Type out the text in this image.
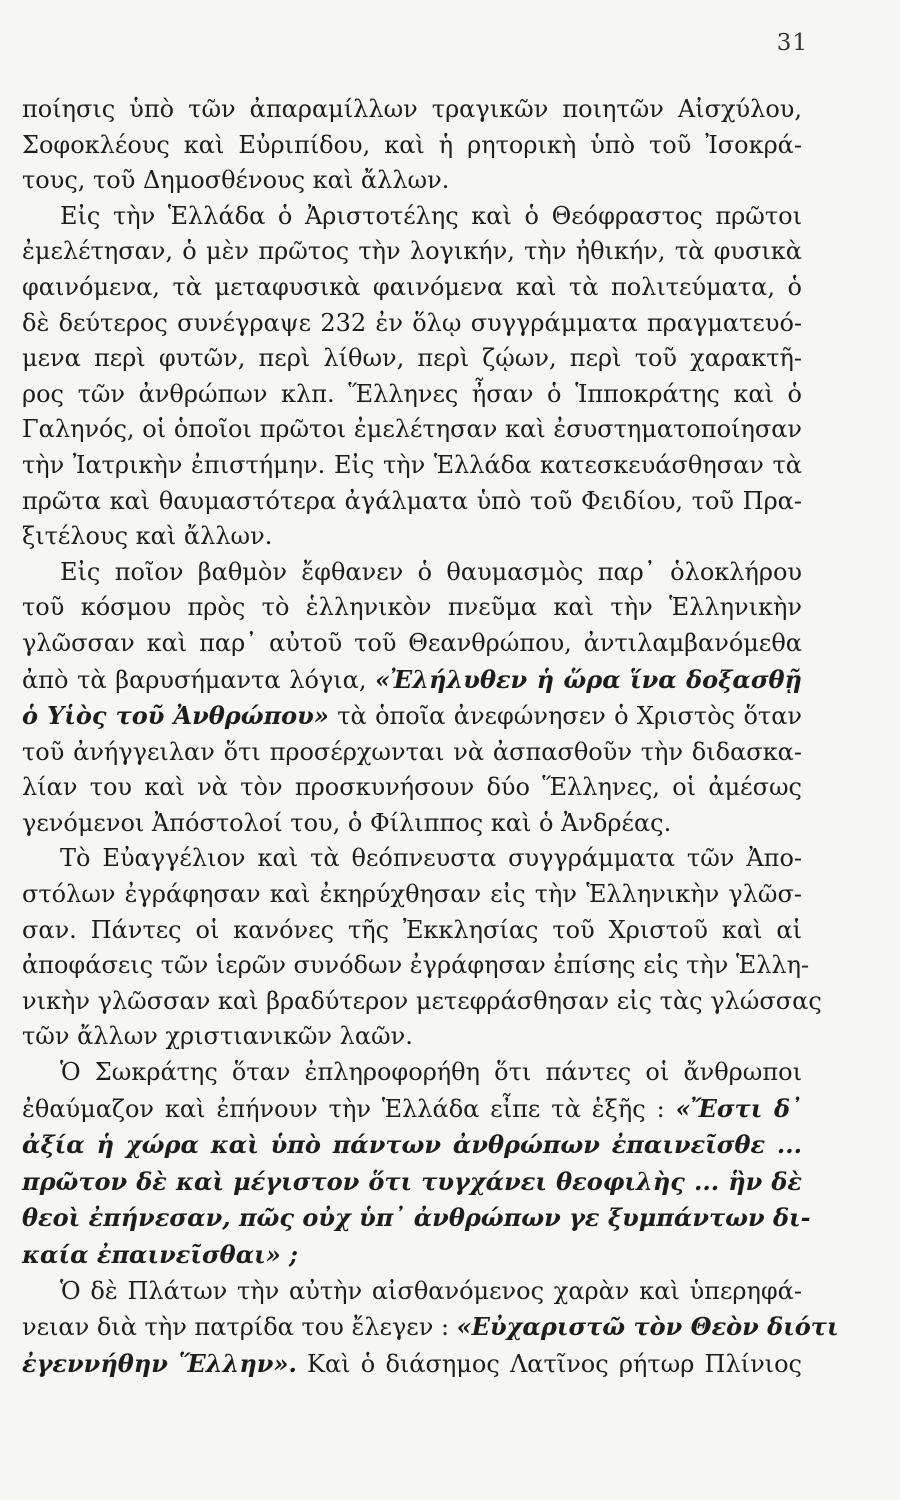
31
ποίησις ὑπὸ τῶν ἀπαραμίλλων τραγικῶν ποιητῶν Αἰσχύλου,
Σοφοκλέους καὶ Εὐριπίδου, καὶ ἡ ρητορικὴ ὑπὸ τοῦ Ἰσοκρά-
τους, τοῦ Δημοσθένους καὶ ἄλλων.
Εἰς τὴν Ἑλλάδα ὁ Ἀριστοτέλης καὶ ὁ Θεόφραστος πρῶτοι
ἐμελέτησαν, ὁ μὲν πρῶτος τὴν λογικήν, τὴν ἠθικήν, τὰ φυσικὰ
φαινόμενα, τὰ μεταφυσικὰ φαινόμενα καὶ τὰ πολιτεύματα, ὁ
δὲ δεύτερος συνέγραψε 232 ἐν ὅλῳ συγγράμματα πραγματευό-
μενα περὶ φυτῶν, περὶ λίθων, περὶ ζῴων, περὶ τοῦ χαρακτῆ-
ρος τῶν ἀνθρώπων κλπ. Ἕλληνες ἦσαν ὁ Ἱπποκράτης καὶ ὁ
Γαληνός, οἱ ὁποῖοι πρῶτοι ἐμελέτησαν καὶ ἐσυστηματοποίησαν
τὴν Ἰατρικὴν ἐπιστήμην. Εἰς τὴν Ἑλλάδα κατεσκευάσθησαν τὰ
πρῶτα καὶ θαυμαστότερα ἀγάλματα ὑπὸ τοῦ Φειδίου, τοῦ Πρα-
ξιτέλους καὶ ἄλλων.
Εἰς ποῖον βαθμὸν ἔφθανεν ὁ θαυμασμὸς παρ᾽ ὁλοκλήρου
τοῦ κόσμου πρὸς τὸ ἑλληνικὸν πνεῦμα καὶ τὴν Ἑλληνικὴν
γλῶσσαν καὶ παρ᾽ αὐτοῦ τοῦ Θεανθρώπου, ἀντιλαμβανόμεθα
ἀπὸ τὰ βαρυσήμαντα λόγια, «Ἐλήλυθεν ἡ ὥρα ἵνα δοξασθῇ
ὁ Υἱὸς τοῦ Ἀνθρώπου» τὰ ὁποῖα ἀνεφώνησεν ὁ Χριστὸς ὅταν
τοῦ ἀνήγγειλαν ὅτι προσέρχωνται νὰ ἀσπασθοῦν τὴν διδασκα-
λίαν του καὶ νὰ τὸν προσκυνήσουν δύο Ἕλληνες, οἱ ἀμέσως
γενόμενοι Ἀπόστολοί του, ὁ Φίλιππος καὶ ὁ Ἀνδρέας.
Τὸ Εὐαγγέλιον καὶ τὰ θεόπνευστα συγγράμματα τῶν Ἀπο-
στόλων ἐγράφησαν καὶ ἐκηρύχθησαν εἰς τὴν Ἑλληνικὴν γλῶσ-
σαν. Πάντες οἱ κανόνες τῆς Ἐκκλησίας τοῦ Χριστοῦ καὶ αἱ
ἀποφάσεις τῶν ἱερῶν συνόδων ἐγράφησαν ἐπίσης εἰς τὴν Ἑλλη-
νικὴν γλῶσσαν καὶ βραδύτερον μετεφράσθησαν εἰς τὰς γλώσσας
τῶν ἄλλων χριστιανικῶν λαῶν.
Ὁ Σωκράτης ὅταν ἐπληροφορήθη ὅτι πάντες οἱ ἄνθρωποι
ἐθαύμαζον καὶ ἐπήνουν τὴν Ἑλλάδα εἶπε τὰ ἑξῆς : «Ἔστι δ᾽
ἀξία ἡ χώρα καὶ ὑπὸ πάντων ἀνθρώπων ἐπαινεῖσθε ...
πρῶτον δὲ καὶ μέγιστον ὅτι τυγχάνει θεοφιλὴς ... ἣν δὲ
θεοὶ ἐπήνεσαν, πῶς οὐχ ὑπ᾽ ἀνθρώπων γε ξυμπάντων δι-
καία ἐπαινεῖσθαι» ;
Ὁ δὲ Πλάτων τὴν αὐτὴν αἰσθανόμενος χαρὰν καὶ ὑπερηφά-
νειαν διὰ τὴν πατρίδα του ἔλεγεν : «Εὐχαριστῶ τὸν Θεὸν διότι
ἐγεννήθην Ἕλλην». Καὶ ὁ διάσημος Λατῖνος ρήτωρ Πλίνιος
